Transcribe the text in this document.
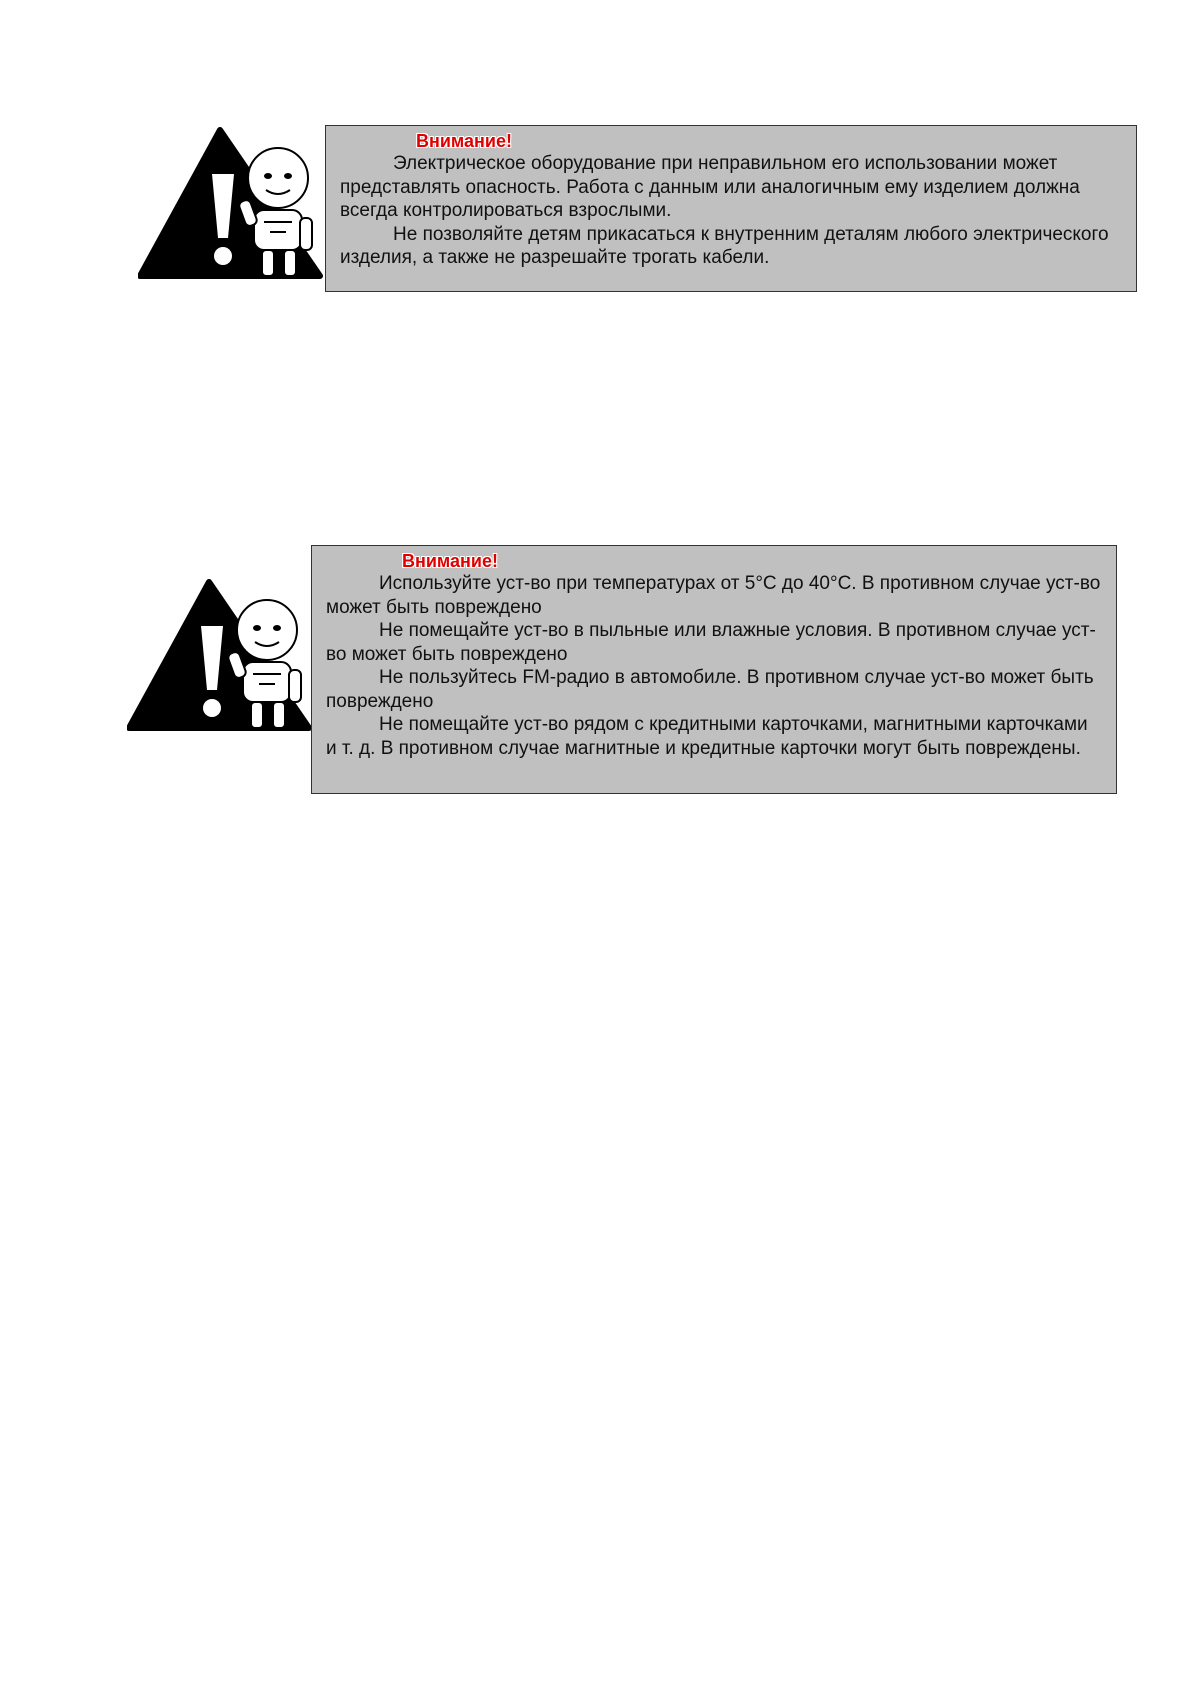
Внимание!

Электрическое оборудование при неправильном его использовании может представлять опасность. Работа с данным или аналогичным ему изделием должна всегда контролироваться взрослыми.

Не позволяйте детям прикасаться к внутренним деталям любого электрического изделия, а также не разрешайте трогать кабели.

Внимание!

Используйте уст-во при температурах от 5°C до 40°C. В противном случае уст-во может быть повреждено

Не помещайте уст-во в пыльные или влажные условия. В противном случае уст-во может быть повреждено

Не пользуйтесь FM-радио в автомобиле. В противном случае уст-во может быть повреждено

Не помещайте уст-во рядом с кредитными карточками, магнитными карточками и т. д. В противном случае магнитные и кредитные карточки могут быть повреждены.
